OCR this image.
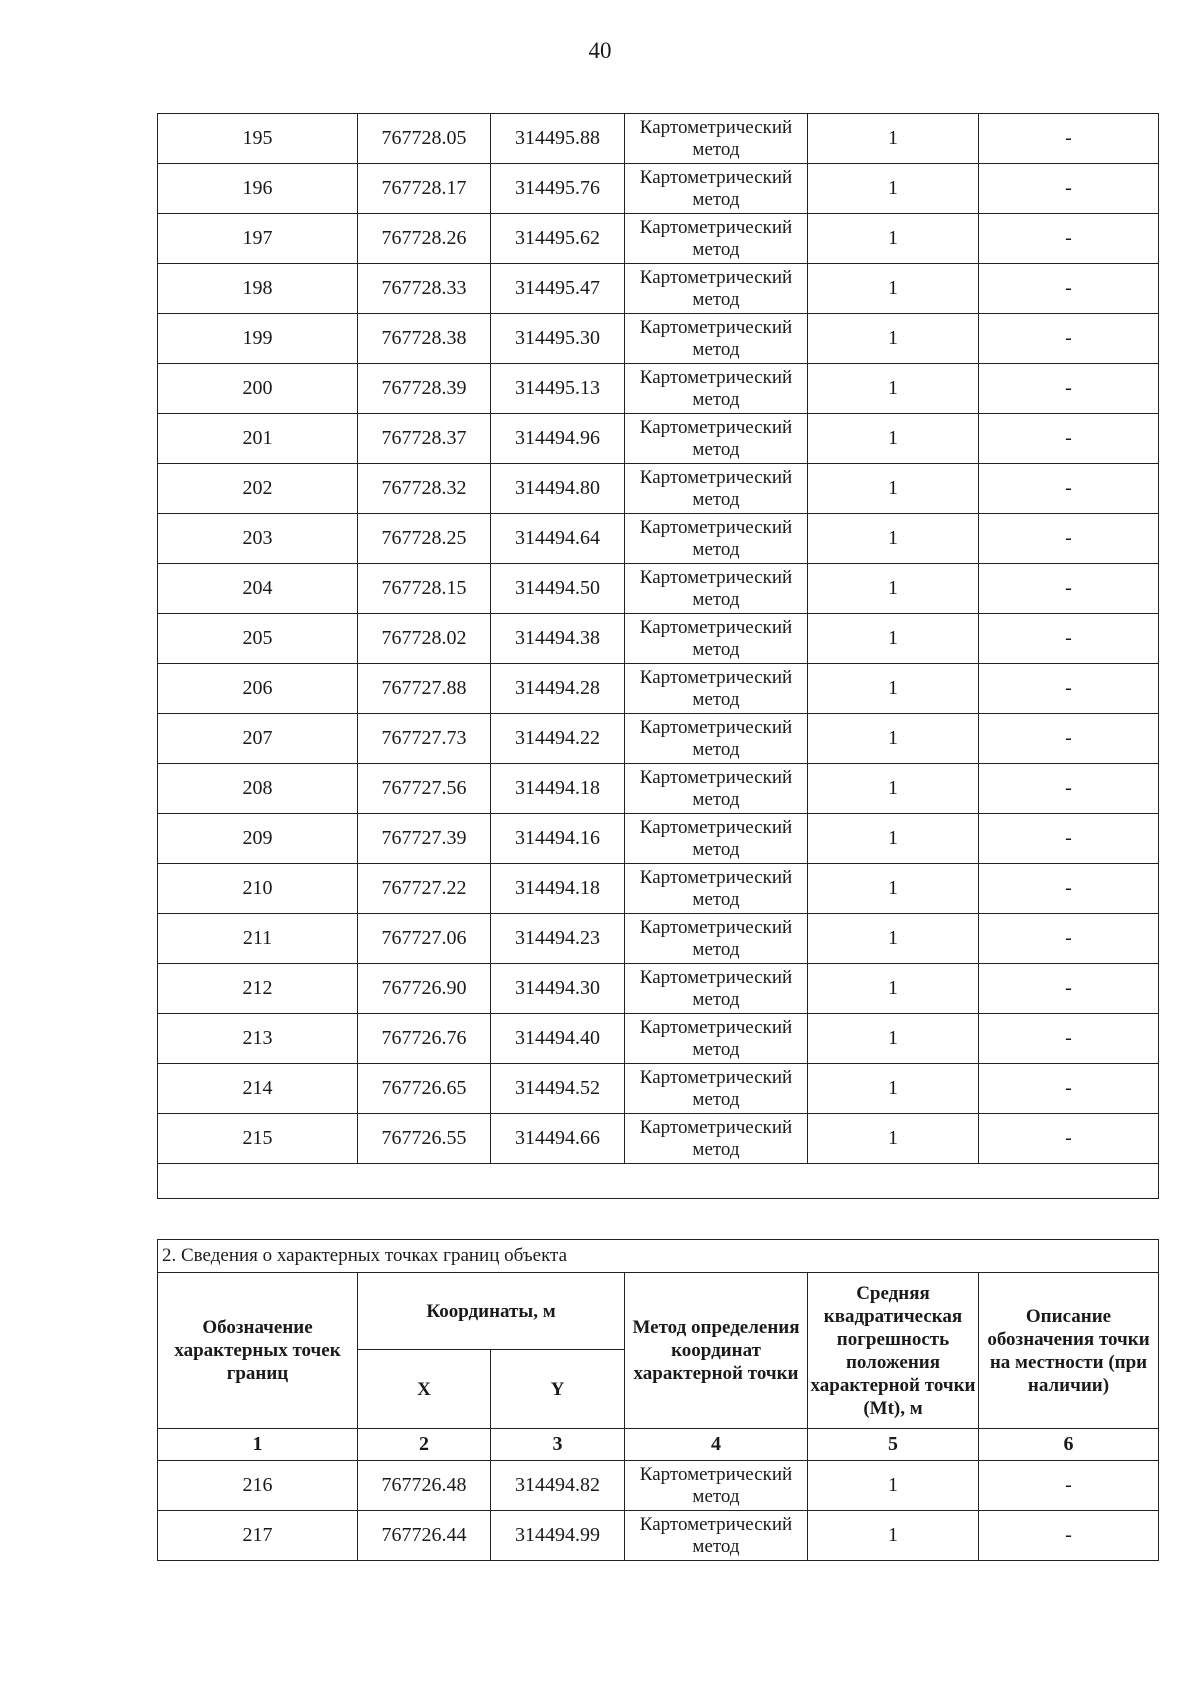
40
195	767728.05	314495.88	Картометрический метод	1	-
196	767728.17	314495.76	Картометрический метод	1	-
197	767728.26	314495.62	Картометрический метод	1	-
198	767728.33	314495.47	Картометрический метод	1	-
199	767728.38	314495.30	Картометрический метод	1	-
200	767728.39	314495.13	Картометрический метод	1	-
201	767728.37	314494.96	Картометрический метод	1	-
202	767728.32	314494.80	Картометрический метод	1	-
203	767728.25	314494.64	Картометрический метод	1	-
204	767728.15	314494.50	Картометрический метод	1	-
205	767728.02	314494.38	Картометрический метод	1	-
206	767727.88	314494.28	Картометрический метод	1	-
207	767727.73	314494.22	Картометрический метод	1	-
208	767727.56	314494.18	Картометрический метод	1	-
209	767727.39	314494.16	Картометрический метод	1	-
210	767727.22	314494.18	Картометрический метод	1	-
211	767727.06	314494.23	Картометрический метод	1	-
212	767726.90	314494.30	Картометрический метод	1	-
213	767726.76	314494.40	Картометрический метод	1	-
214	767726.65	314494.52	Картометрический метод	1	-
215	767726.55	314494.66	Картометрический метод	1	-

2. Сведения о характерных точках границ объекта					
Обозначение характерных точек границ	Координаты, м		Метод определения координат характерной точки	Средняя квадратическая погрешность положения характерной точки (Mt), м	Описание обозначения точки на местности (при наличии)
	X	Y			
1	2	3	4	5	6
216	767726.48	314494.82	Картометрический метод	1	-
217	767726.44	314494.99	Картометрический метод	1	-
